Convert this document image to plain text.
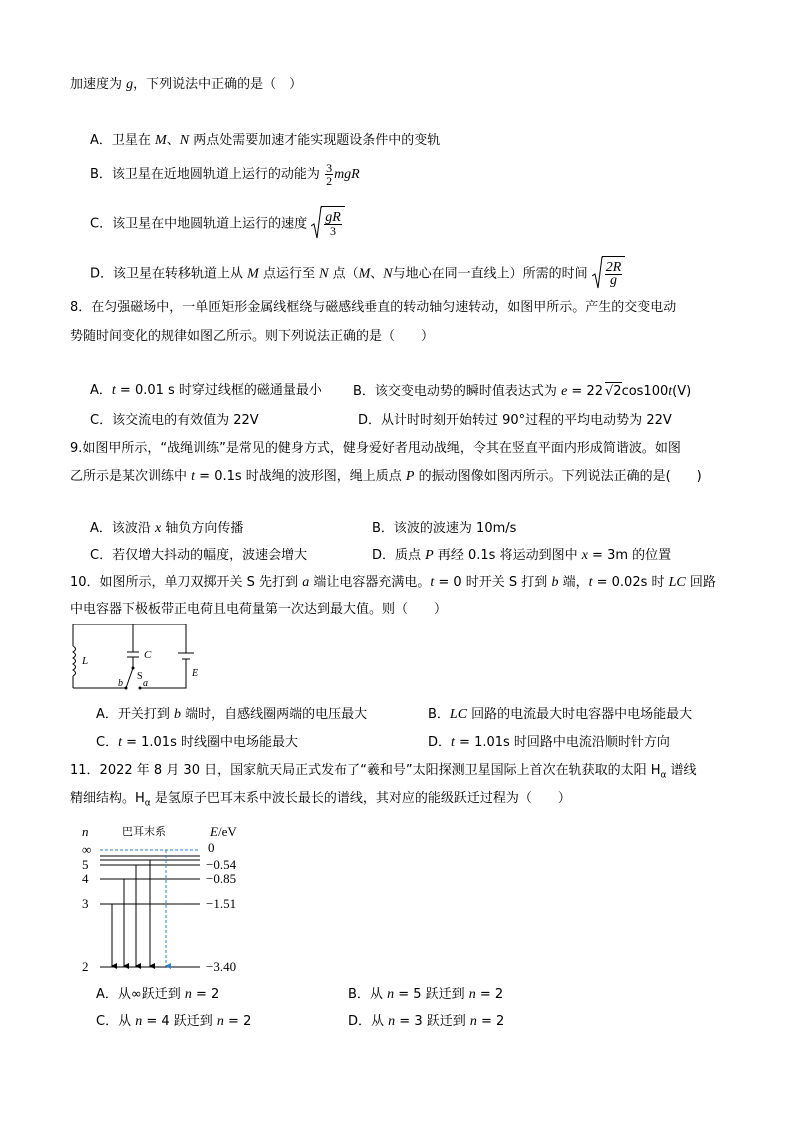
加速度为 g，下列说法中正确的是（　）
A．卫星在 M、N 两点处需要加速才能实现题设条件中的变轨
B．该卫星在近地圆轨道上运行的动能为 $\frac{3}{2}$ mgR
C．该卫星在中地圆轨道上运行的速度 $\frac{gR}{3}$
D．该卫星在转移轨道上从 M 点运行至 N 点（M、N与地心在同一直线上）所需的时间 $\frac{2R}{g}$
8．在匀强磁场中，一单匝矩形金属线框绕与磁感线垂直的转动轴匀速转动，如图甲所示。产生的交变电动
势随时间变化的规律如图乙所示。则下列说法正确的是（　　）
A．t = 0.01 s 时穿过线框的磁通量最小 B．该交变电动势的瞬时值表达式为 e = 22 √2cos100t(V)
C．该交流电的有效值为 22V	D．从计时时刻开始转过 90°过程的平均电动势为 22V
9.如图甲所示，“战绳训练”是常见的健身方式，健身爱好者甩动战绳，令其在竖直平面内形成简谐波。如图
乙所示是某次训练中 t = 0.1s 时战绳的波形图，绳上质点 P 的振动图像如图丙所示。下列说法正确的是(　　)
A．该波沿 x 轴负方向传播	B．该波的波速为 10m/s
C．若仅增大抖动的幅度，波速会增大	D．质点 P 再经 0.1s 将运动到图中 x = 3m 的位置
10．如图所示，单刀双掷开关 S 先打到 a 端让电容器充满电。t = 0 时开关 S 打到 b 端，t = 0.02s 时 LC 回路
中电容器下极板带正电荷且电荷量第一次达到最大值。则（　　）
L	C
E
S
a
b
A．开关打到 b 端时，自感线圈两端的电压最大	B．LC 回路的电流最大时电容器中电场能最大
C．t = 1.01s 时线圈中电场能最大	D．t = 1.01s 时回路中电流沿顺时针方向
11．2022 年 8 月 30 日，国家航天局正式发布了“羲和号”太阳探测卫星国际上首次在轨获取的太阳 $H_\alpha$ 谱线
精细结构。$H_\alpha$ 是氢原子巴耳末系中波长最长的谱线，其对应的能级跃迁过程为（　　）
n	巴耳末系	E/eV
∞
5
4
3
2
0
−0.54
−0.85
−1.51
−3.40
A．从∞跃迁到 n = 2	B．从 n = 5 跃迁到 n = 2
C．从 n = 4 跃迁到 n = 2	D．从 n = 3 跃迁到 n = 2
